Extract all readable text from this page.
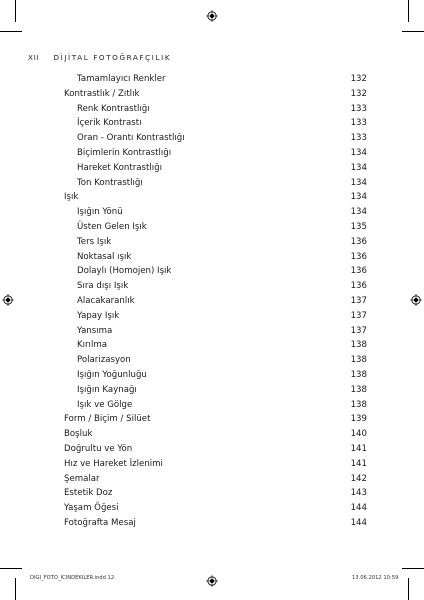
XII DİJİTAL FOTOĞRAFÇILIK
Tamamlayıcı Renkler	132
Kontrastlık / Zıtlık	132
Renk Kontrastlığı	133
İçerik Kontrastı	133
Oran - Orantı Kontrastlığı	133
Biçimlerin Kontrastlığı	134
Hareket Kontrastlığı	134
Ton Kontrastlığı	134
Işık	134
Işığın Yönü	134
Üsten Gelen Işık	135
Ters Işık	136
Noktasal ışık	136
Dolaylı (Homojen) Işık	136
Sıra dışı Işık	136
Alacakaranlık	137
Yapay Işık	137
Yansıma	137
Kırılma	138
Polarizasyon	138
Işığın Yoğunluğu	138
Işığın Kaynağı	138
Işık ve Gölge	138
Form / Biçim / Silüet	139
Boşluk	140
Doğrultu ve Yön	141
Hız ve Hareket İzlenimi	141
Şemalar	142
Estetik Doz	143
Yaşam Öğesi	144
Fotoğrafta Mesaj	144
DIGI_FOTO_ICINDEKILER.indd 12	13.06.2012 10:59
